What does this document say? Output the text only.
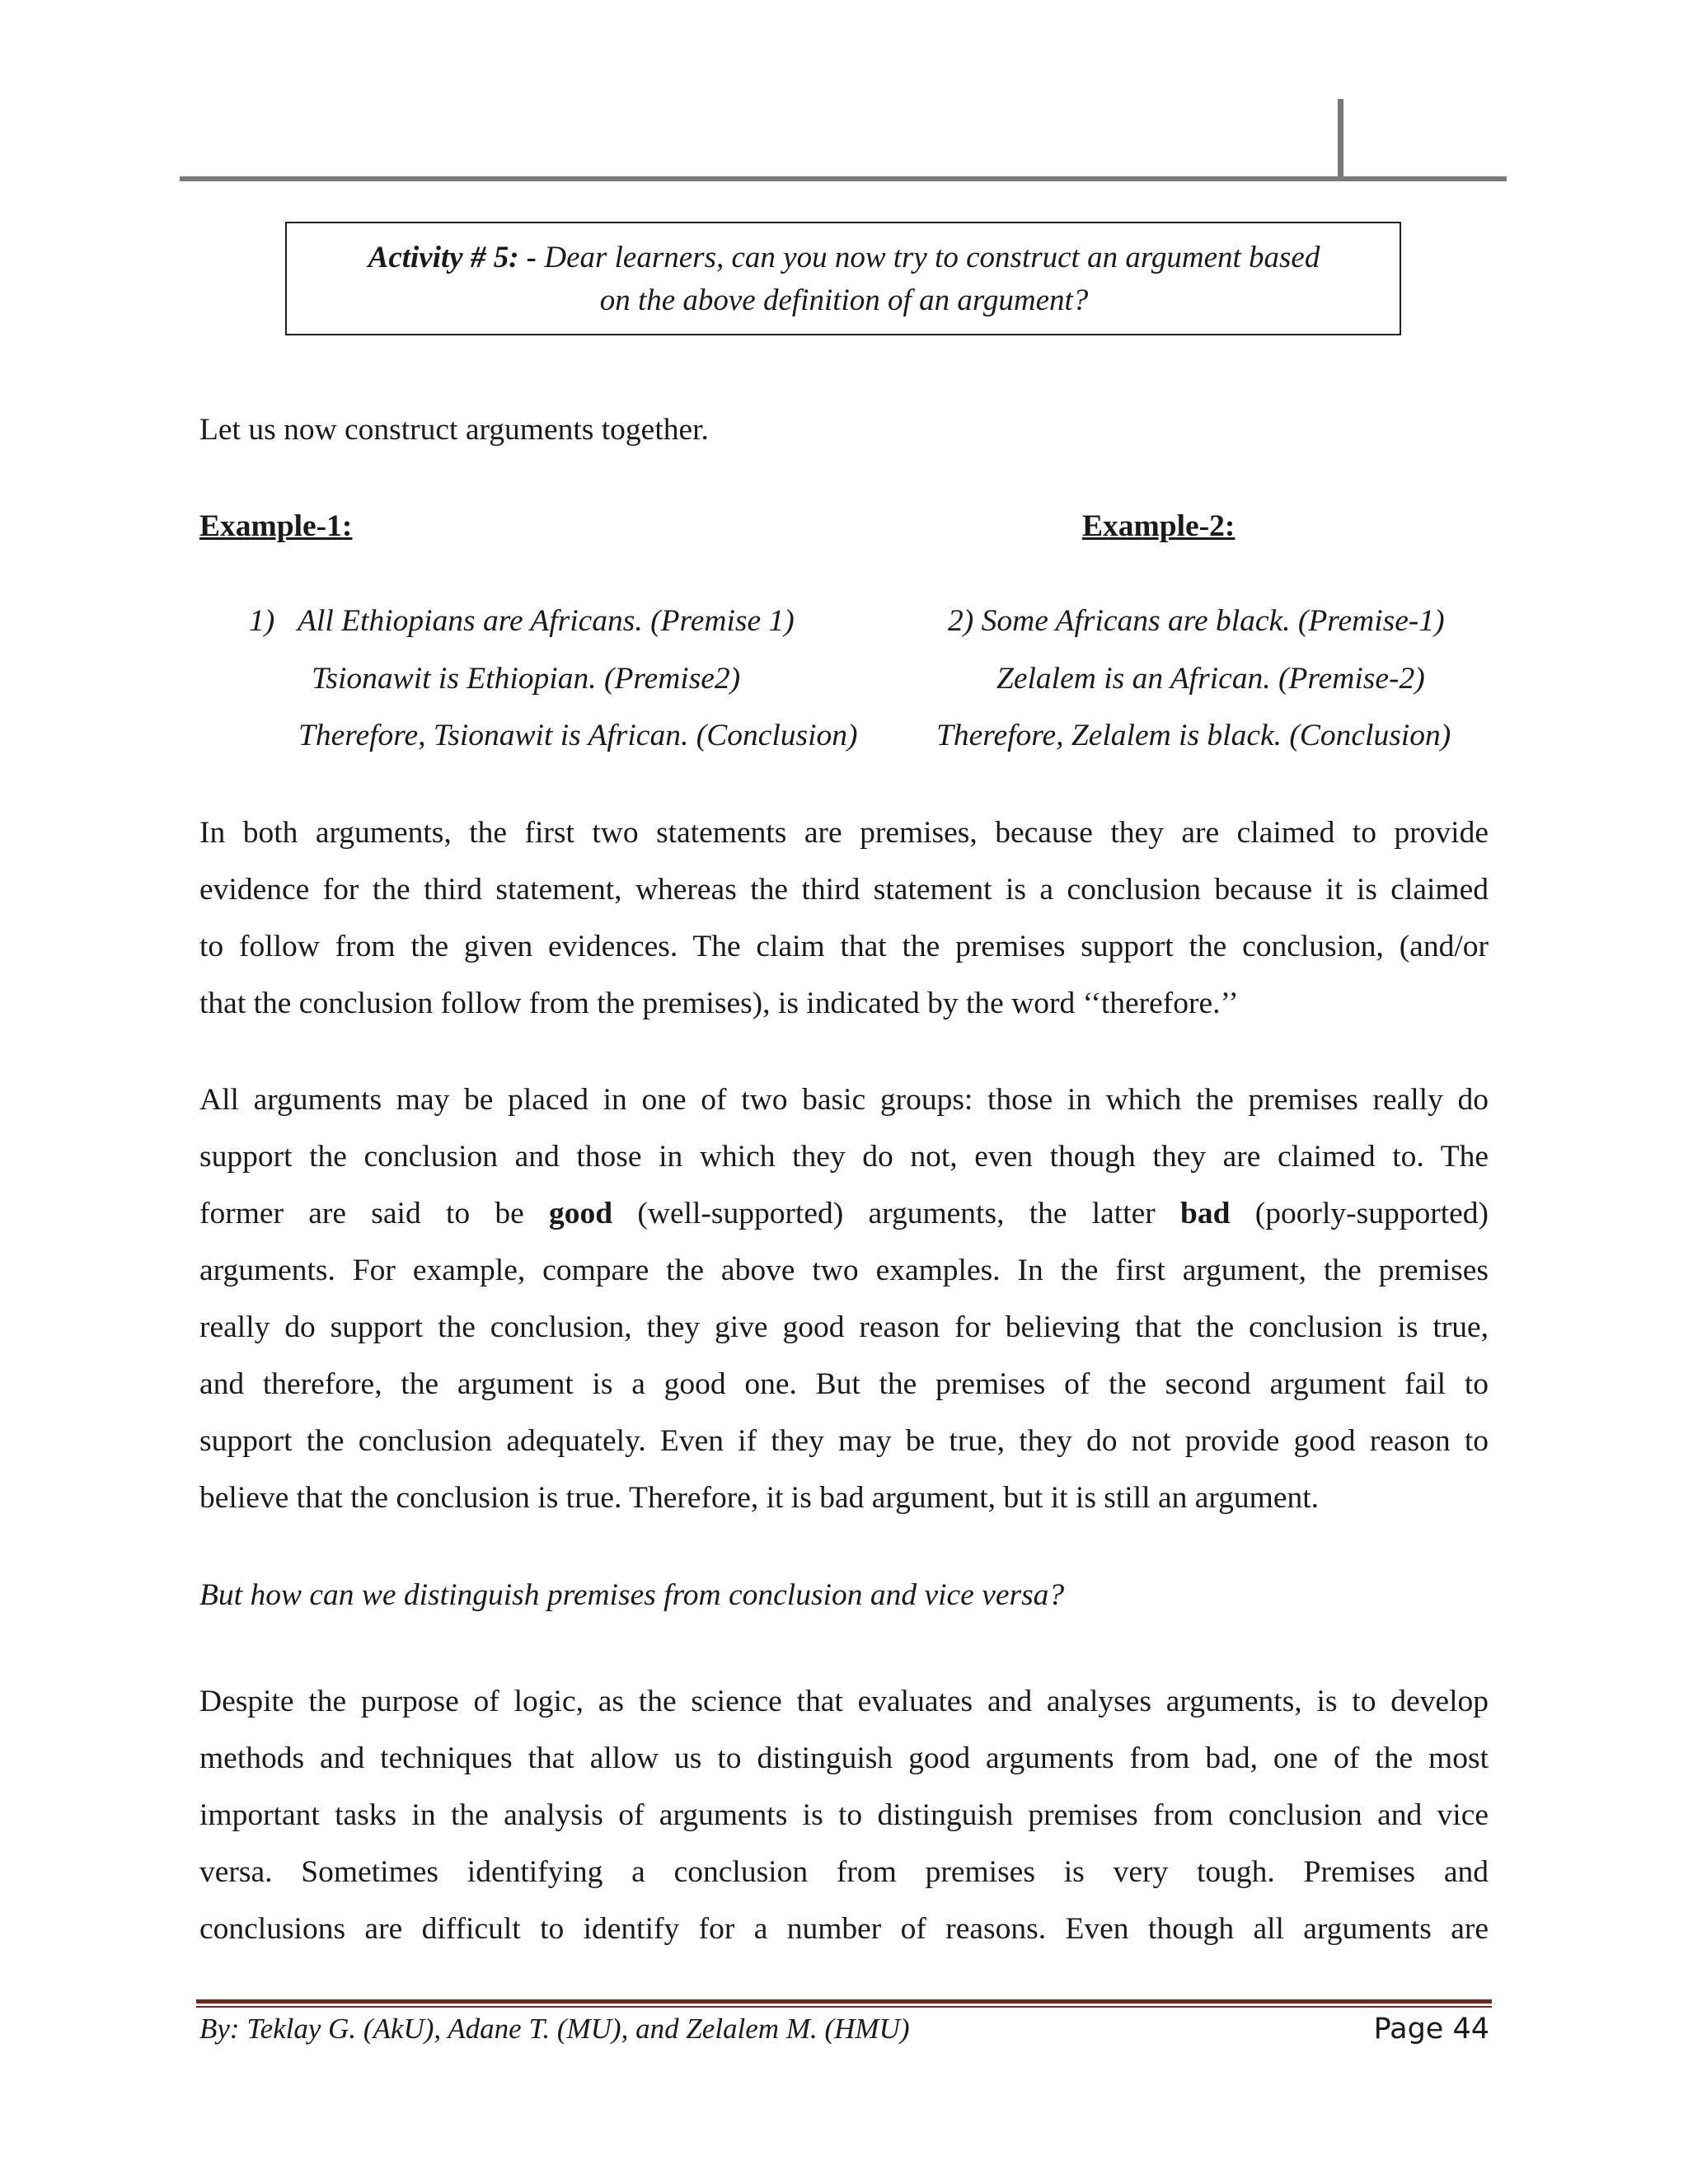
Activity # 5: - Dear learners, can you now try to construct an argument based
on the above definition of an argument?
Let us now construct arguments together.
Example-1:	Example-2:
1) All Ethiopians are Africans. (Premise 1)
Tsionawit is Ethiopian. (Premise2)
Therefore, Tsionawit is African. (Conclusion)
2) Some Africans are black. (Premise-1)
Zelalem is an African. (Premise-2)
Therefore, Zelalem is black. (Conclusion)
In both arguments, the first two statements are premises, because they are claimed to provide
evidence for the third statement, whereas the third statement is a conclusion because it is claimed
to follow from the given evidences. The claim that the premises support the conclusion, (and/or
that the conclusion follow from the premises), is indicated by the word ‘‘therefore.’’
All arguments may be placed in one of two basic groups: those in which the premises really do
support the conclusion and those in which they do not, even though they are claimed to. The
former are said to be good (well-supported) arguments, the latter bad (poorly-supported)
arguments. For example, compare the above two examples. In the first argument, the premises
really do support the conclusion, they give good reason for believing that the conclusion is true,
and therefore, the argument is a good one. But the premises of the second argument fail to
support the conclusion adequately. Even if they may be true, they do not provide good reason to
believe that the conclusion is true. Therefore, it is bad argument, but it is still an argument.
But how can we distinguish premises from conclusion and vice versa?
Despite the purpose of logic, as the science that evaluates and analyses arguments, is to develop
methods and techniques that allow us to distinguish good arguments from bad, one of the most
important tasks in the analysis of arguments is to distinguish premises from conclusion and vice
versa. Sometimes identifying a conclusion from premises is very tough. Premises and
conclusions are difficult to identify for a number of reasons. Even though all arguments are
By: Teklay G. (AkU), Adane T. (MU), and Zelalem M. (HMU)	Page 44
